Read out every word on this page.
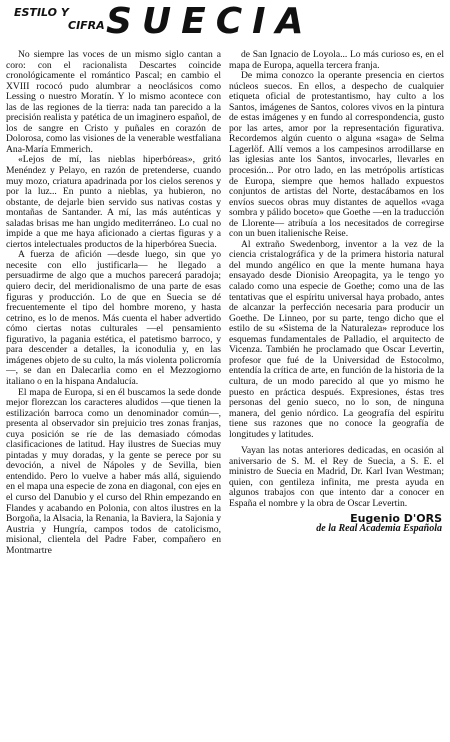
ESTILO Y
CIFRA SUECIA

No siempre las voces de un mismo siglo cantan a coro: con el racionalista Descartes coincide cronológicamente el romántico Pascal; en cambio el XVIII rococó pudo alumbrar a neoclásicos como Lessing o nuestro Moratín. Y lo mismo acontece con las de las regiones de la tierra: nada tan parecido a la precisión realista y patética de un imaginero español, de los de sangre en Cristo y puñales en corazón de Dolorosa, como las visiones de la venerable westfaliana Ana-María Emmerich.

«Lejos de mí, las nieblas hiperbóreas», gritó Menéndez y Pelayo, en razón de pretenderse, cuando muy mozo, criatura apadrinada por los cielos serenos y por la luz... En punto a nieblas, ya hubieron, no obstante, de dejarle bien servido sus nativas costas y montañas de Santander. A mí, las más auténticas y saladas brisas me han ungido mediterráneo. Lo cual no impide a que me haya aficionado a ciertas figuras y a ciertos intelectuales productos de la hiperbórea Suecia.

A fuerza de afición —desde luego, sin que yo necesite con ello justificarla— he llegado a persuadirme de algo que a muchos parecerá paradoja; quiero decir, del meridionalismo de una parte de esas figuras y producción. Lo de que en Suecia se dé frecuentemente el tipo del hombre moreno, y hasta cetrino, es lo de menos. Más cuenta el haber advertido cómo ciertas notas culturales —el pensamiento figurativo, la pagania estética, el patetismo barroco, y para descender a detalles, la iconodulia y, en las imágenes objeto de su culto, la más violenta policromía—, se dan en Dalecarlia como en el Mezzogiorno italiano o en la hispana Andalucía.

El mapa de Europa, si en él buscamos la sede donde mejor florezcan los caracteres aludidos —que tienen la estilización barroca como un denominador común—, presenta al observador sin prejuicio tres zonas franjas, cuya posición se ríe de las demasiado cómodas clasificaciones de latitud. Hay ilustres de Suecias muy pintadas y muy doradas, y la gente se perece por su devoción, a nivel de Nápoles y de Sevilla, bien entendido. Pero lo vuelve a haber más allá, siguiendo en el mapa una especie de zona en diagonal, con ejes en el curso del Danubio y el curso del Rhin empezando en Flandes y acabando en Polonia, con altos ilustres en la Borgoña, la Alsacia, la Renania, la Baviera, la Sajonia y Austria y Hungría, campos todos de catolicismo, misional, clientela del Padre Faber, compañero en Montmartre

de San Ignacio de Loyola... Lo más curioso es, en el mapa de Europa, aquella tercera franja.

De mima conozco la operante presencia en ciertos núcleos suecos. En ellos, a despecho de cualquier etiqueta oficial de protestantismo, hay culto a los Santos, imágenes de Santos, colores vivos en la pintura de estas imágenes y en fundo al correspondencia, gusto por las artes, amor por la representación figurativa. Recordemos algún cuento o alguna «saga» de Selma Lagerlöf. Allí vemos a los campesinos arrodillarse en las iglesias ante los Santos, invocarles, llevarles en procesión... Por otro lado, en las metrópolis artísticas de Europa, siempre que hemos hallado expuestos conjuntos de artistas del Norte, destacábamos en los envíos suecos obras muy distantes de aquellos «vaga sombra y pálido boceto» que Goethe —en la traducción de Llorente— atribuía a los necesitados de corregirse con un buen italienische Reise.

Al extraño Swedenborg, inventor a la vez de la ciencia cristalográfica y de la primera historia natural del mundo angélico en que la mente humana haya ensayado desde Dionisio Areopagita, ya le tengo yo calado como una especie de Goethe; como una de las tentativas que el espíritu universal haya probado, antes de alcanzar la perfección necesaria para producir un Goethe. De Linneo, por su parte, tengo dicho que el estilo de su «Sistema de la Naturaleza» reproduce los esquemas fundamentales de Palladio, el arquitecto de Vicenza. También he proclamado que Oscar Levertin, profesor que fué de la Universidad de Estocolmo, entendía la crítica de arte, en función de la historia de la cultura, de un modo parecido al que yo mismo he puesto en práctica después. Expresiones, éstas tres personas del genio sueco, no lo son, de ninguna manera, del genio nórdico. La geografía del espíritu tiene sus razones que no conoce la geografía de longitudes y latitudes.

Vayan las notas anteriores dedicadas, en ocasión al aniversario de S. M. el Rey de Suecia, a S. E. el ministro de Suecia en Madrid, Dr. Karl Ivan Westman; quien, con gentileza infinita, me presta ayuda en algunos trabajos con que intento dar a conocer en España el nombre y la obra de Oscar Levertin.

Eugenio D'ORS
de la Real Academia Española
